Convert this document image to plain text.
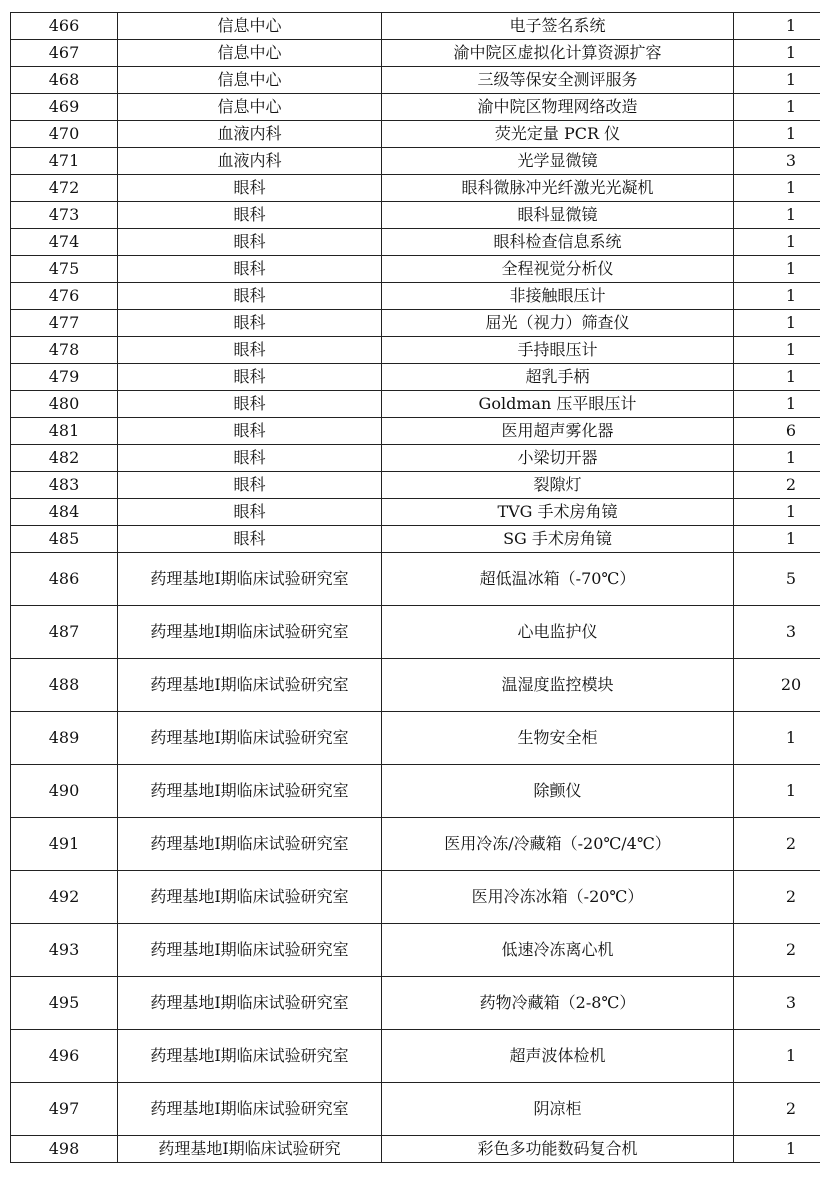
466	信息中心	电子签名系统	1
467	信息中心	渝中院区虚拟化计算资源扩容	1
468	信息中心	三级等保安全测评服务	1
469	信息中心	渝中院区物理网络改造	1
470	血液内科	荧光定量 PCR 仪	1
471	血液内科	光学显微镜	3
472	眼科	眼科微脉冲光纤激光光凝机	1
473	眼科	眼科显微镜	1
474	眼科	眼科检查信息系统	1
475	眼科	全程视觉分析仪	1
476	眼科	非接触眼压计	1
477	眼科	屈光（视力）筛查仪	1
478	眼科	手持眼压计	1
479	眼科	超乳手柄	1
480	眼科	Goldman 压平眼压计	1
481	眼科	医用超声雾化器	6
482	眼科	小梁切开器	1
483	眼科	裂隙灯	2
484	眼科	TVG 手术房角镜	1
485	眼科	SG 手术房角镜	1
486	药理基地Ⅰ期临床试验研究室	超低温冰箱（-70℃）	5
487	药理基地Ⅰ期临床试验研究室	心电监护仪	3
488	药理基地Ⅰ期临床试验研究室	温湿度监控模块	20
489	药理基地Ⅰ期临床试验研究室	生物安全柜	1
490	药理基地Ⅰ期临床试验研究室	除颤仪	1
491	药理基地Ⅰ期临床试验研究室	医用冷冻/冷藏箱（-20℃/4℃）	2
492	药理基地Ⅰ期临床试验研究室	医用冷冻冰箱（-20℃）	2
493	药理基地Ⅰ期临床试验研究室	低速冷冻离心机	2
495	药理基地Ⅰ期临床试验研究室	药物冷藏箱（2-8℃）	3
496	药理基地Ⅰ期临床试验研究室	超声波体检机	1
497	药理基地Ⅰ期临床试验研究室	阴凉柜	2
498	药理基地Ⅰ期临床试验研究	彩色多功能数码复合机	1
